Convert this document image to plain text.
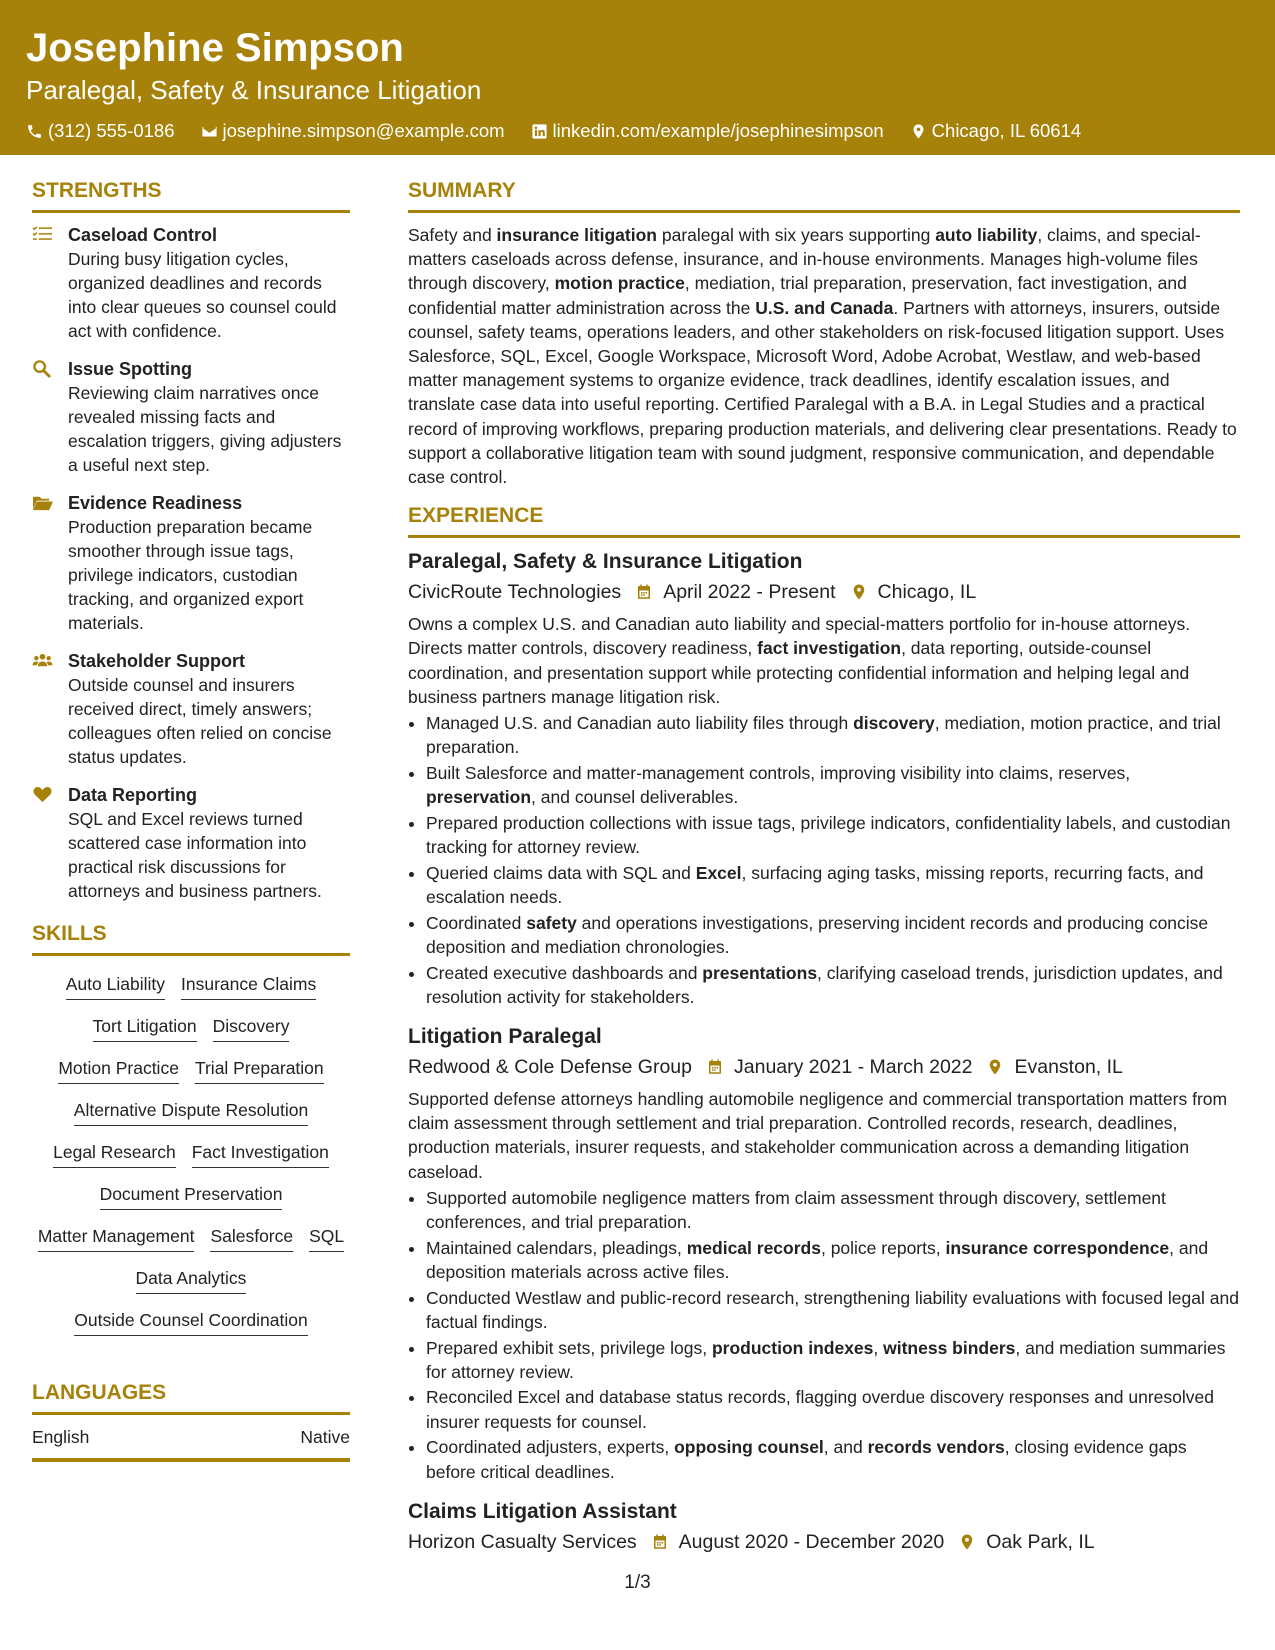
Josephine Simpson
Paralegal, Safety & Insurance Litigation
(312) 555-0186	josephine.simpson@example.com	linkedin.com/example/josephinesimpson	Chicago, IL 60614
STRENGTHS
Caseload Control
During busy litigation cycles, organized deadlines and records into clear queues so counsel could act with confidence.
Issue Spotting
Reviewing claim narratives once revealed missing facts and escalation triggers, giving adjusters a useful next step.
Evidence Readiness
Production preparation became smoother through issue tags, privilege indicators, custodian tracking, and organized export materials.
Stakeholder Support
Outside counsel and insurers received direct, timely answers; colleagues often relied on concise status updates.
Data Reporting
SQL and Excel reviews turned scattered case information into practical risk discussions for attorneys and business partners.
SKILLS
Auto Liability Insurance Claims
Tort Litigation Discovery
Motion Practice Trial Preparation
Alternative Dispute Resolution
Legal Research Fact Investigation
Document Preservation
Matter Management Salesforce SQL
Data Analytics
Outside Counsel Coordination
LANGUAGES
English	Native
SUMMARY
Safety and insurance litigation paralegal with six years supporting auto liability, claims, and special-matters caseloads across defense, insurance, and in-house environments. Manages high-volume files through discovery, motion practice, mediation, trial preparation, preservation, fact investigation, and confidential matter administration across the U.S. and Canada. Partners with attorneys, insurers, outside counsel, safety teams, operations leaders, and other stakeholders on risk-focused litigation support. Uses Salesforce, SQL, Excel, Google Workspace, Microsoft Word, Adobe Acrobat, Westlaw, and web-based matter management systems to organize evidence, track deadlines, identify escalation issues, and translate case data into useful reporting. Certified Paralegal with a B.A. in Legal Studies and a practical record of improving workflows, preparing production materials, and delivering clear presentations. Ready to support a collaborative litigation team with sound judgment, responsive communication, and dependable case control.
EXPERIENCE
Paralegal, Safety & Insurance Litigation
CivicRoute Technologies April 2022 - Present Chicago, IL
Owns a complex U.S. and Canadian auto liability and special-matters portfolio for in-house attorneys. Directs matter controls, discovery readiness, fact investigation, data reporting, outside-counsel coordination, and presentation support while protecting confidential information and helping legal and business partners manage litigation risk.
• Managed U.S. and Canadian auto liability files through discovery, mediation, motion practice, and trial preparation.
• Built Salesforce and matter-management controls, improving visibility into claims, reserves, preservation, and counsel deliverables.
• Prepared production collections with issue tags, privilege indicators, confidentiality labels, and custodian tracking for attorney review.
• Queried claims data with SQL and Excel, surfacing aging tasks, missing reports, recurring facts, and escalation needs.
• Coordinated safety and operations investigations, preserving incident records and producing concise deposition and mediation chronologies.
• Created executive dashboards and presentations, clarifying caseload trends, jurisdiction updates, and resolution activity for stakeholders.
Litigation Paralegal
Redwood & Cole Defense Group January 2021 - March 2022 Evanston, IL
Supported defense attorneys handling automobile negligence and commercial transportation matters from claim assessment through settlement and trial preparation. Controlled records, research, deadlines, production materials, insurer requests, and stakeholder communication across a demanding litigation caseload.
• Supported automobile negligence matters from claim assessment through discovery, settlement conferences, and trial preparation.
• Maintained calendars, pleadings, medical records, police reports, insurance correspondence, and deposition materials across active files.
• Conducted Westlaw and public-record research, strengthening liability evaluations with focused legal and factual findings.
• Prepared exhibit sets, privilege logs, production indexes, witness binders, and mediation summaries for attorney review.
• Reconciled Excel and database status records, flagging overdue discovery responses and unresolved insurer requests for counsel.
• Coordinated adjusters, experts, opposing counsel, and records vendors, closing evidence gaps before critical deadlines.
Claims Litigation Assistant
Horizon Casualty Services August 2020 - December 2020 Oak Park, IL
1/3
